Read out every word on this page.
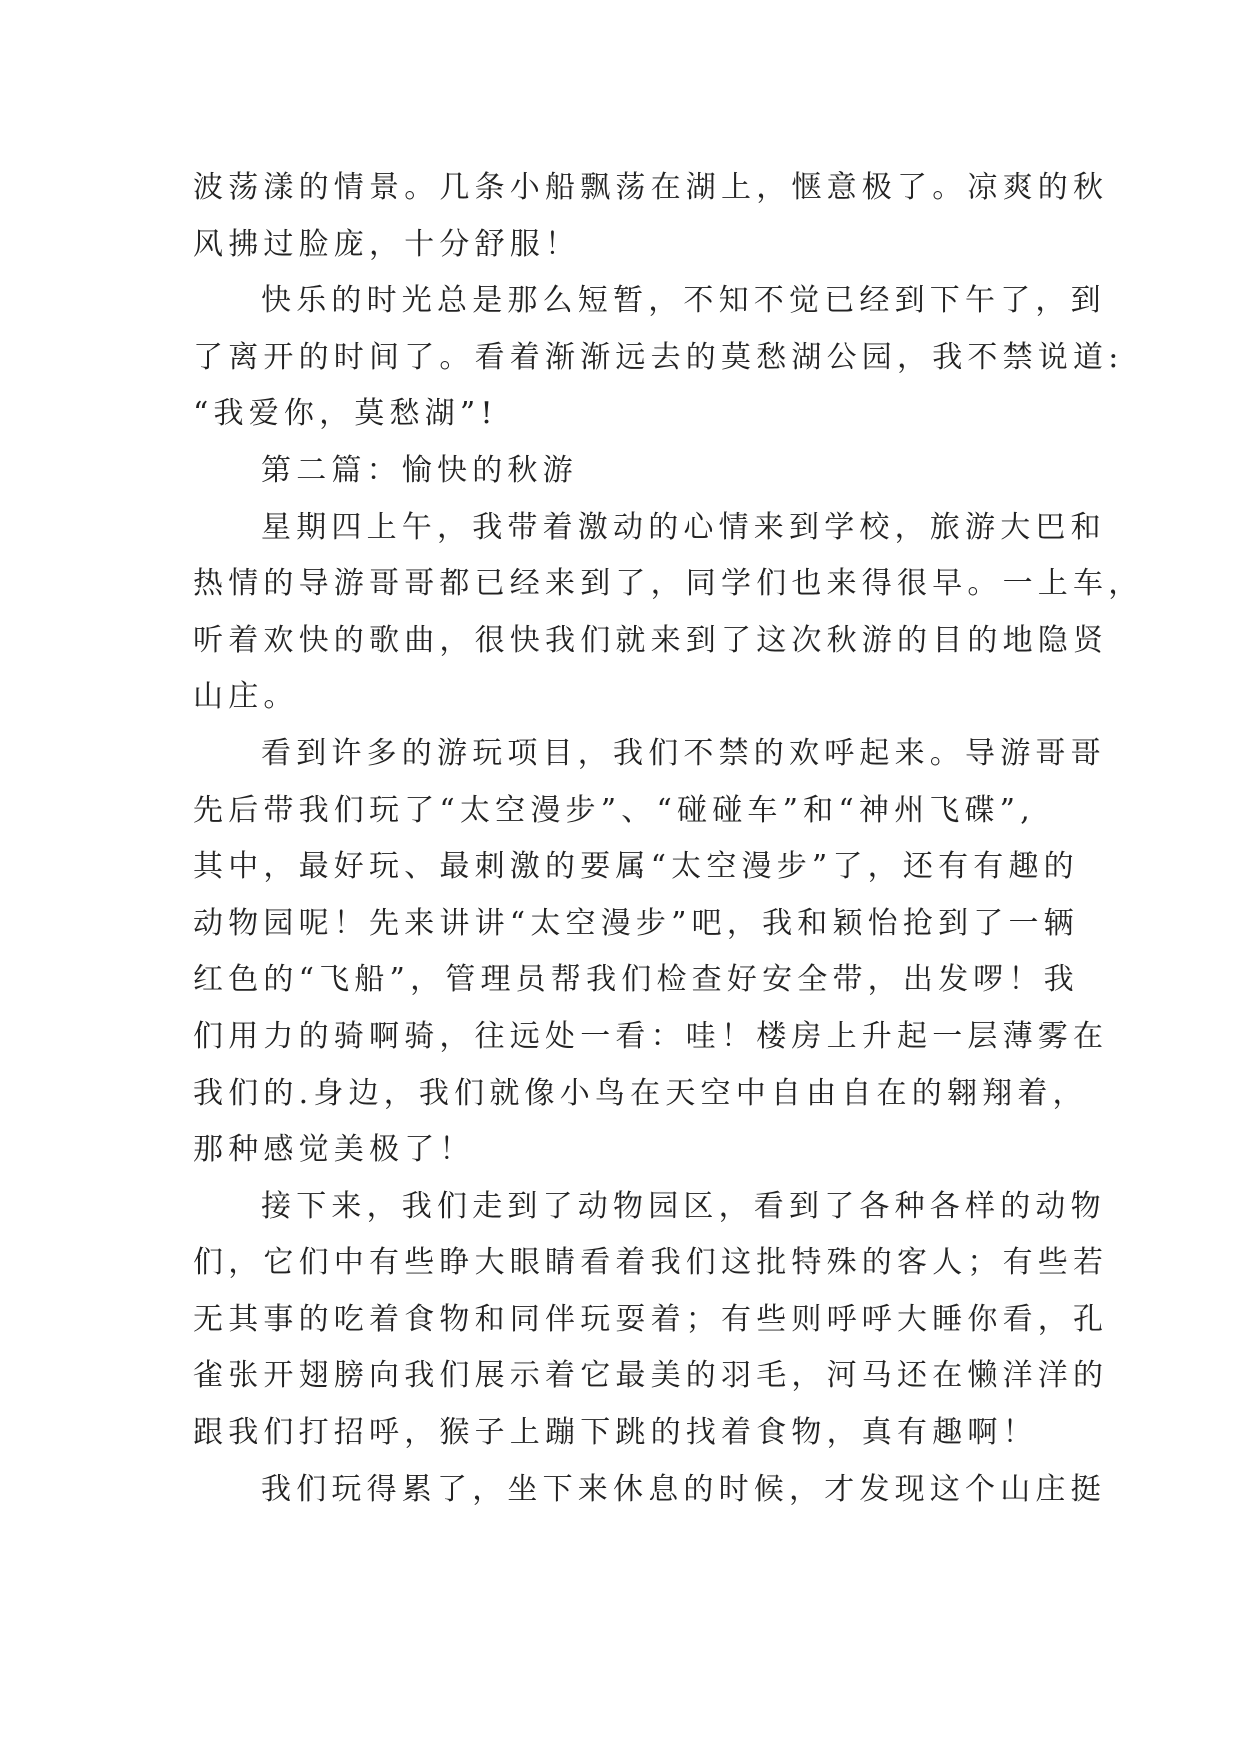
波荡漾的情景。几条小船飘荡在湖上，惬意极了。凉爽的秋
风拂过脸庞，十分舒服！
快乐的时光总是那么短暂，不知不觉已经到下午了，到
了离开的时间了。看着渐渐远去的莫愁湖公园，我不禁说道:
“我爱你，莫愁湖”!
第二篇：愉快的秋游
星期四上午，我带着激动的心情来到学校，旅游大巴和
热情的导游哥哥都已经来到了，同学们也来得很早。一上车，
听着欢快的歌曲，很快我们就来到了这次秋游的目的地隐贤
山庄。
看到许多的游玩项目，我们不禁的欢呼起来。导游哥哥
先后带我们玩了“太空漫步”、“碰碰车”和“神州飞碟”,
其中，最好玩、最刺激的要属“太空漫步”了，还有有趣的
动物园呢！先来讲讲“太空漫步”吧，我和颖怡抢到了一辆
红色的“飞船”，管理员帮我们检查好安全带，出发啰！我
们用力的骑啊骑，往远处一看：哇！楼房上升起一层薄雾在
我们的.身边，我们就像小鸟在天空中自由自在的翱翔着，
那种感觉美极了！
接下来，我们走到了动物园区，看到了各种各样的动物
们，它们中有些睁大眼睛看着我们这批特殊的客人；有些若
无其事的吃着食物和同伴玩耍着；有些则呼呼大睡你看，孔
雀张开翅膀向我们展示着它最美的羽毛，河马还在懒洋洋的
跟我们打招呼，猴子上蹦下跳的找着食物，真有趣啊！
我们玩得累了，坐下来休息的时候，才发现这个山庄挺
